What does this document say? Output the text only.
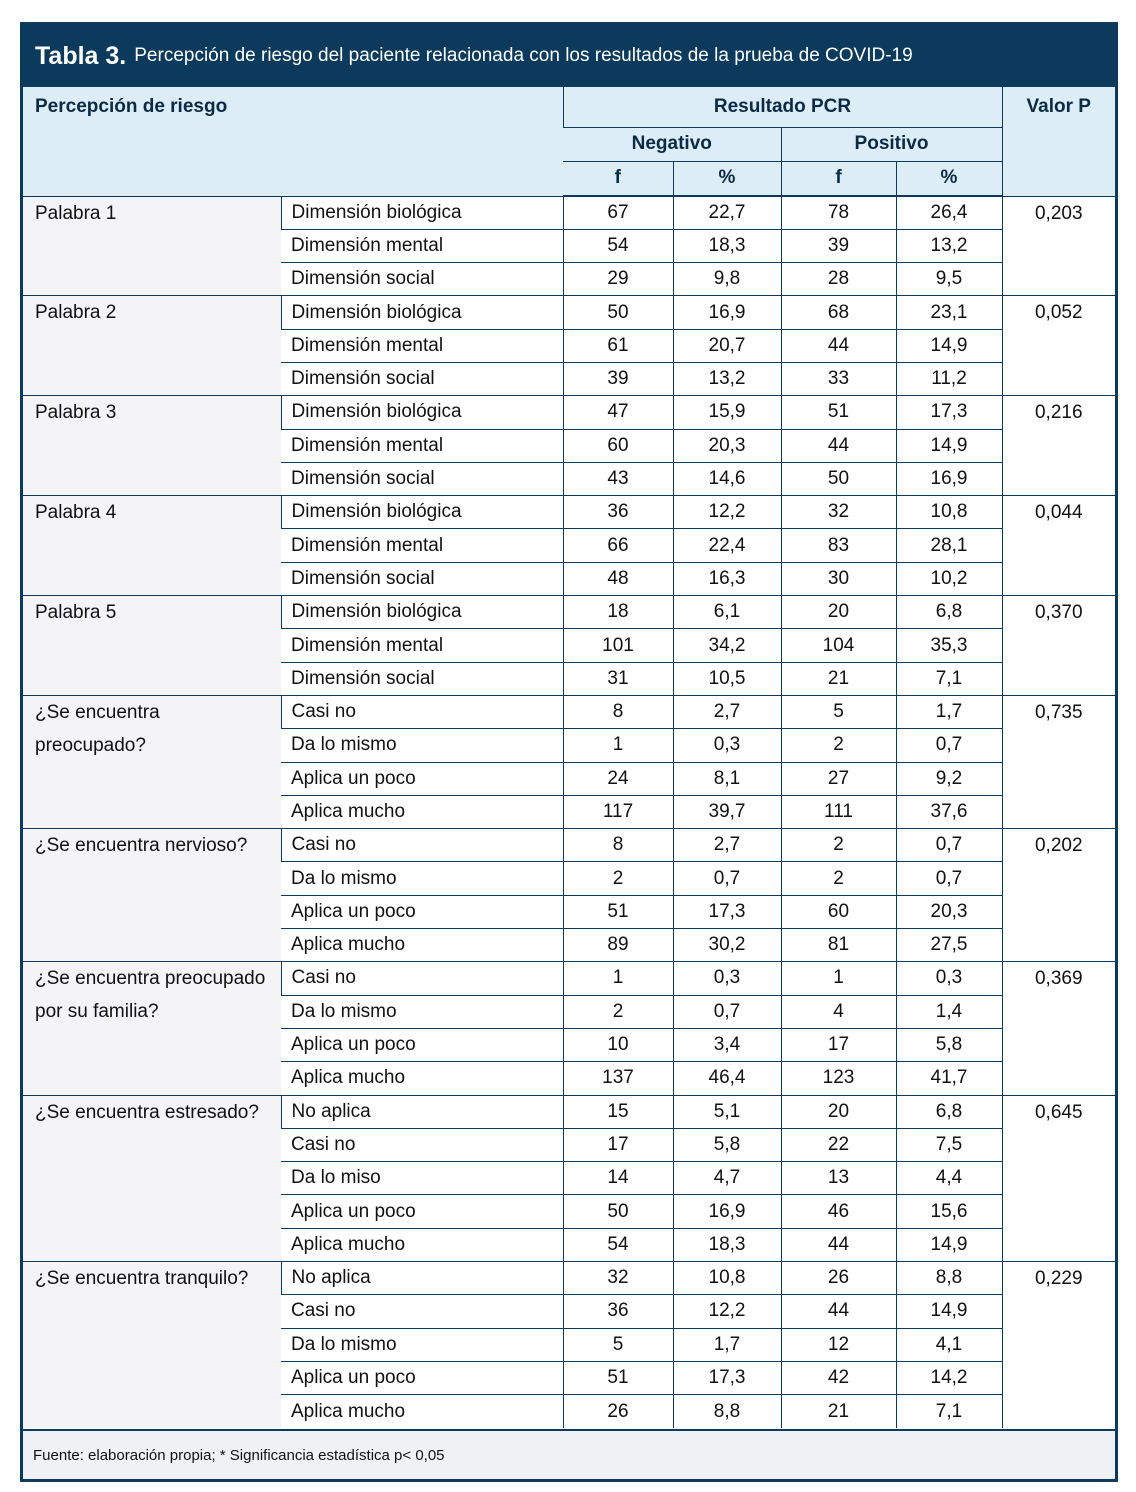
Tabla 3. Percepción de riesgo del paciente relacionada con los resultados de la prueba de COVID-19
Percepción de riesgo		Resultado PCR				Valor P
		Negativo		Positivo		
		f	%	f	%	
Palabra 1	Dimensión biológica	67	22,7	78	26,4	0,203
	Dimensión mental	54	18,3	39	13,2	
	Dimensión social	29	9,8	28	9,5	
Palabra 2	Dimensión biológica	50	16,9	68	23,1	0,052
	Dimensión mental	61	20,7	44	14,9	
	Dimensión social	39	13,2	33	11,2	
Palabra 3	Dimensión biológica	47	15,9	51	17,3	0,216
	Dimensión mental	60	20,3	44	14,9	
	Dimensión social	43	14,6	50	16,9	
Palabra 4	Dimensión biológica	36	12,2	32	10,8	0,044
	Dimensión mental	66	22,4	83	28,1	
	Dimensión social	48	16,3	30	10,2	
Palabra 5	Dimensión biológica	18	6,1	20	6,8	0,370
	Dimensión mental	101	34,2	104	35,3	
	Dimensión social	31	10,5	21	7,1	
¿Se encuentra preocupado?	Casi no	8	2,7	5	1,7	0,735
	Da lo mismo	1	0,3	2	0,7	
	Aplica un poco	24	8,1	27	9,2	
	Aplica mucho	117	39,7	111	37,6	
¿Se encuentra nervioso?	Casi no	8	2,7	2	0,7	0,202
	Da lo mismo	2	0,7	2	0,7	
	Aplica un poco	51	17,3	60	20,3	
	Aplica mucho	89	30,2	81	27,5	
¿Se encuentra preocupado por su familia?	Casi no	1	0,3	1	0,3	0,369
	Da lo mismo	2	0,7	4	1,4	
	Aplica un poco	10	3,4	17	5,8	
	Aplica mucho	137	46,4	123	41,7	
¿Se encuentra estresado?	No aplica	15	5,1	20	6,8	0,645
	Casi no	17	5,8	22	7,5	
	Da lo miso	14	4,7	13	4,4	
	Aplica un poco	50	16,9	46	15,6	
	Aplica mucho	54	18,3	44	14,9	
¿Se encuentra tranquilo?	No aplica	32	10,8	26	8,8	0,229
	Casi no	36	12,2	44	14,9	
	Da lo mismo	5	1,7	12	4,1	
	Aplica un poco	51	17,3	42	14,2	
	Aplica mucho	26	8,8	21	7,1	
Fuente: elaboración propia; * Significancia estadística p< 0,05
